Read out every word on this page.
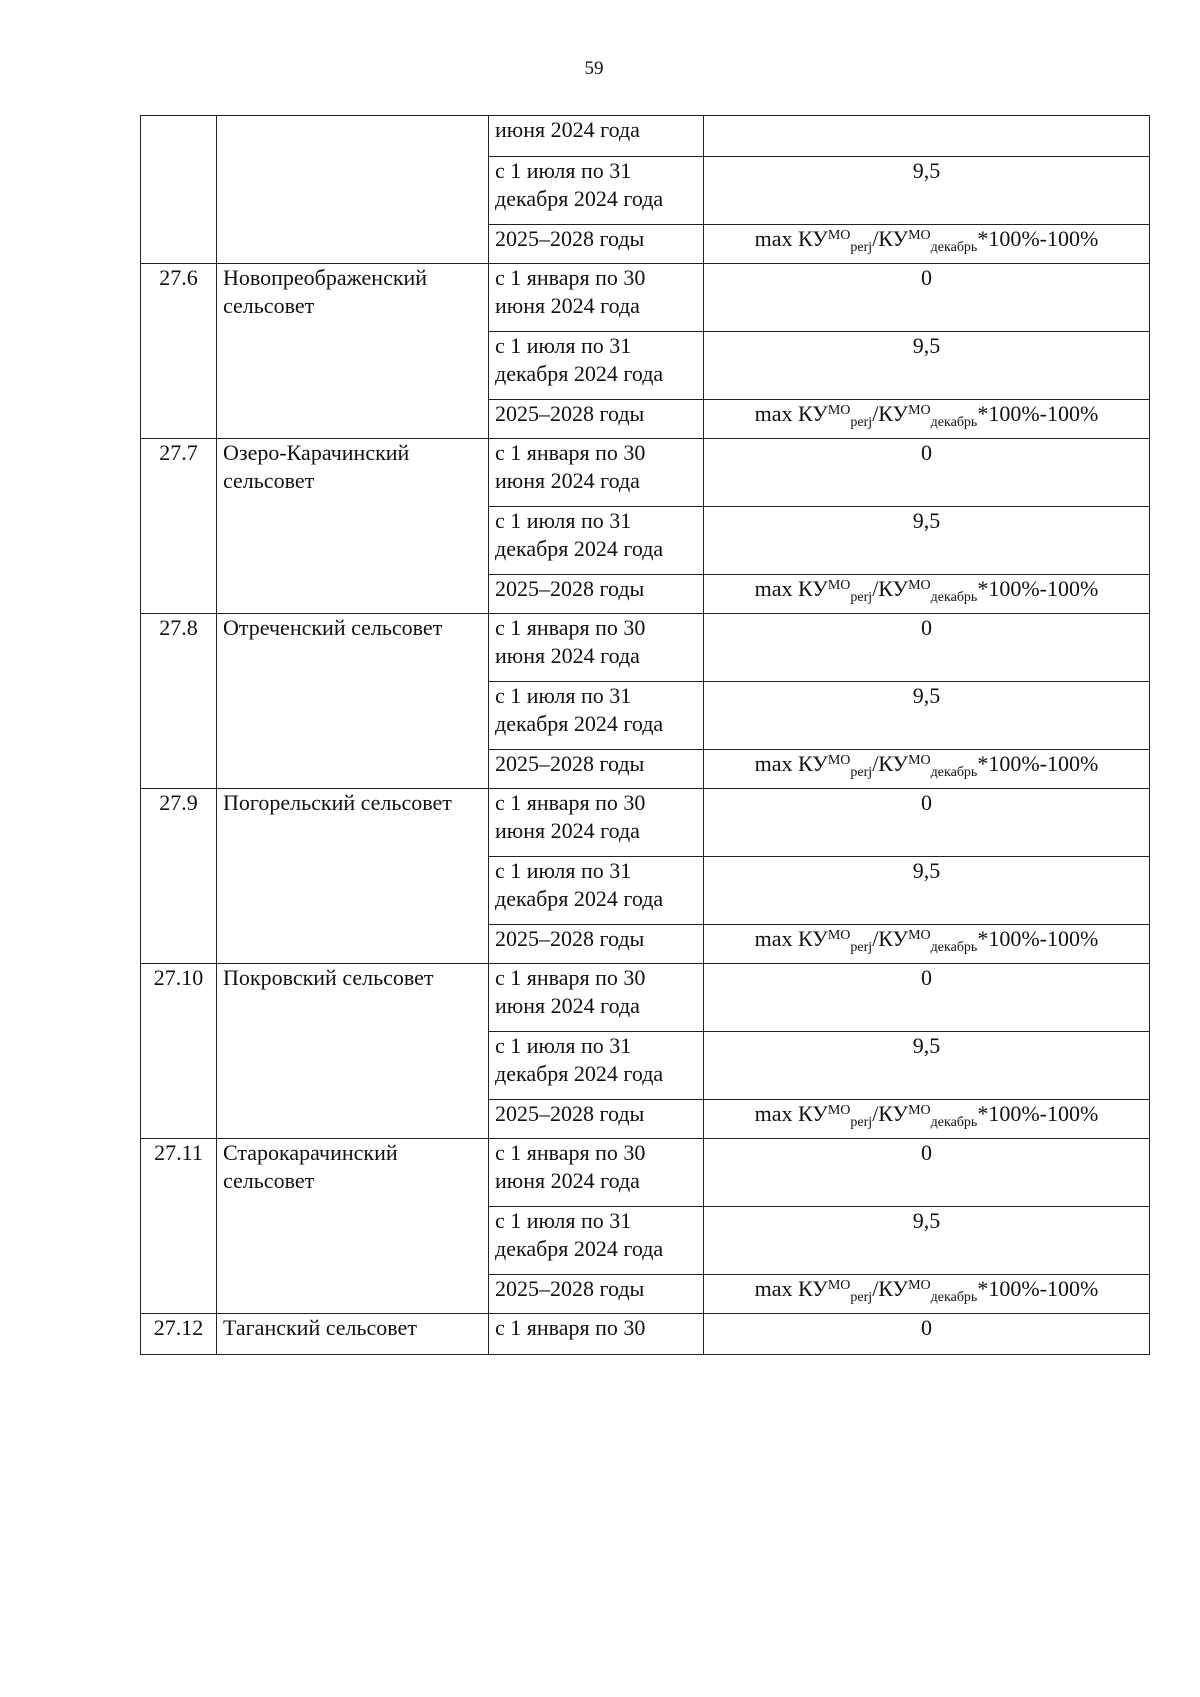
59
		июня 2024 года	
		с 1 июля по 31 декабря 2024 года	9,5
		2025–2028 годы	$\max КУ^{МО}_{perj}/КУ^{МО}_{декабрь}*100\%-100\%$
27.6	Новопреображенский сельсовет	с 1 января по 30 июня 2024 года	0
		с 1 июля по 31 декабря 2024 года	9,5
		2025–2028 годы	$\max КУ^{МО}_{perj}/КУ^{МО}_{декабрь}*100\%-100\%$
27.7	Озеро-Карачинский сельсовет	с 1 января по 30 июня 2024 года	0
		с 1 июля по 31 декабря 2024 года	9,5
		2025–2028 годы	$\max КУ^{МО}_{perj}/КУ^{МО}_{декабрь}*100\%-100\%$
27.8	Отреченский сельсовет	с 1 января по 30 июня 2024 года	0
		с 1 июля по 31 декабря 2024 года	9,5
		2025–2028 годы	$\max КУ^{МО}_{perj}/КУ^{МО}_{декабрь}*100\%-100\%$
27.9	Погорельский сельсовет	с 1 января по 30 июня 2024 года	0
		с 1 июля по 31 декабря 2024 года	9,5
		2025–2028 годы	$\max КУ^{МО}_{perj}/КУ^{МО}_{декабрь}*100\%-100\%$
27.10	Покровский сельсовет	с 1 января по 30 июня 2024 года	0
		с 1 июля по 31 декабря 2024 года	9,5
		2025–2028 годы	$\max КУ^{МО}_{perj}/КУ^{МО}_{декабрь}*100\%-100\%$
27.11	Старокарачинский сельсовет	с 1 января по 30 июня 2024 года	0
		с 1 июля по 31 декабря 2024 года	9,5
		2025–2028 годы	$\max КУ^{МО}_{perj}/КУ^{МО}_{декабрь}*100\%-100\%$
27.12	Таганский сельсовет	с 1 января по 30	0
